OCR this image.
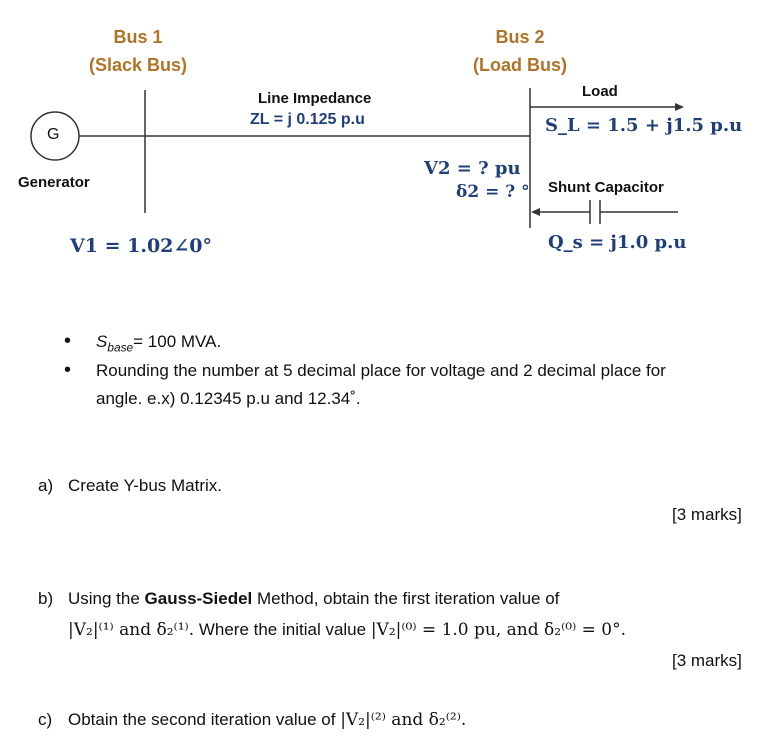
Bus 1
(Slack Bus)
Bus 2
(Load Bus)
G
Generator
Line Impedance
ZL = j 0.125 p.u
Load
S_L = 1.5 + j1.5 p.u
V2 = ? pu
δ2 = ? ° Shunt Capacitor
Q_s = j1.0 p.u
V1 = 1.02∠0°
• $S_{base}= 100$ MVA.
• Rounding the number at 5 decimal place for voltage and 2 decimal place for
angle. e.x) 0.12345 p.u and 12.34˚.
a) Create Y-bus Matrix.
[3 marks]
b) Using the Gauss-Siedel Method, obtain the first iteration value of
|V₂|⁽¹⁾ and δ₂⁽¹⁾. Where the initial value |V₂|⁽⁰⁾ = 1.0 pu, and δ₂⁽⁰⁾ = 0°.
[3 marks]
c) Obtain the second iteration value of |V₂|⁽²⁾ and δ₂⁽²⁾.
